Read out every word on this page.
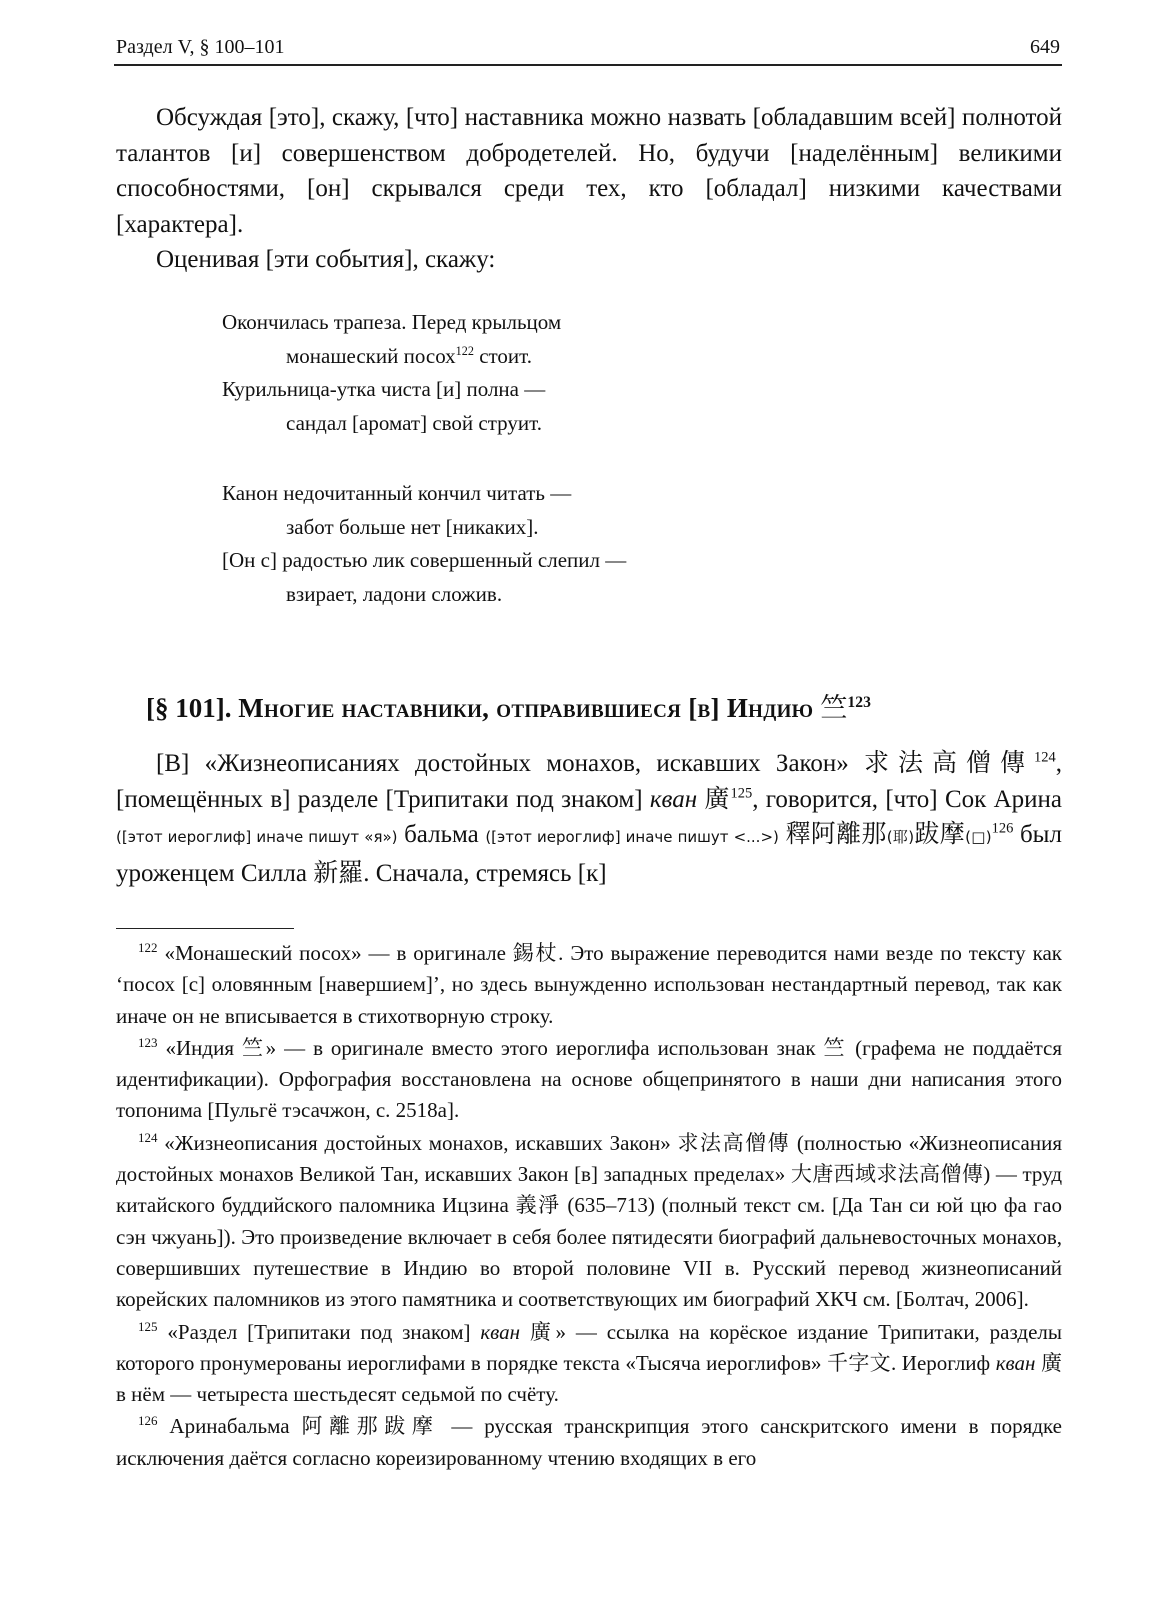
Раздел V, § 100–101	649

Обсуждая [это], скажу, [что] наставника можно назвать [обладавшим всей] полнотой талантов [и] совершенством добродетелей. Но, будучи [наделённым] великими способностями, [он] скрывался среди тех, кто [обладал] низкими качествами [характера].

Оценивая [эти события], скажу:

Окончилась трапеза. Перед крыльцом
монашеский посох$^{122}$ стоит.
Курильница-утка чиста [и] полна —
сандал [аромат] свой струит.
Канон недочитанный кончил читать —
забот больше нет [никаких].
[Он с] радостью лик совершенный слепил —
взирает, ладони сложив.
[§ 101]. Многие наставники, отправившиеся [в] Индию 竺$^{123}$

[В] «Жизнеописаниях достойных монахов, искавших Закон» 求法高僧傳$^{124}$, [помещённых в] разделе [Трипитаки под знаком] кван 廣$^{125}$, говорится, [что] Сок Арина ([этот иероглиф] иначе пишут «я») бальма ([этот иероглиф] иначе пишут <...>) 釋阿離那(耶)跋摩(□)$^{126}$ был уроженцем Силла 新羅. Сначала, стремясь [к]

$^{122}$ «Монашеский посох» — в оригинале 錫杖. Это выражение переводится нами везде по тексту как ‘посох [с] оловянным [навершием]’, но здесь вынужденно использован нестандартный перевод, так как иначе он не вписывается в стихотворную строку.

$^{123}$ «Индия 竺» — в оригинале вместо этого иероглифа использован знак 竺 (графема не поддаётся идентификации). Орфография восстановлена на основе общепринятого в наши дни написания этого топонима [Пульгё тэсачжон, с. 2518a].

$^{124}$ «Жизнеописания достойных монахов, искавших Закон» 求法高僧傳 (полностью «Жизнеописания достойных монахов Великой Тан, искавших Закон [в] западных пределах» 大唐西域求法高僧傳) — труд китайского буддийского паломника Ицзина 義淨 (635–713) (полный текст см. [Да Тан си юй цю фа гао сэн чжуань]). Это произведение включает в себя более пятидесяти биографий дальневосточных монахов, совершивших путешествие в Индию во второй половине VII в. Русский перевод жизнеописаний корейских паломников из этого памятника и соответствующих им биографий ХКЧ см. [Болтач, 2006].

$^{125}$ «Раздел [Трипитаки под знаком] кван 廣» — ссылка на корёское издание Трипитаки, разделы которого пронумерованы иероглифами в порядке текста «Тысяча иероглифов» 千字文. Иероглиф кван 廣 в нём — четыреста шестьдесят седьмой по счёту.

$^{126}$ Аринабальма 阿離那跋摩 — русская транскрипция этого санскритского имени в порядке исключения даётся согласно кореизированному чтению входящих в его
